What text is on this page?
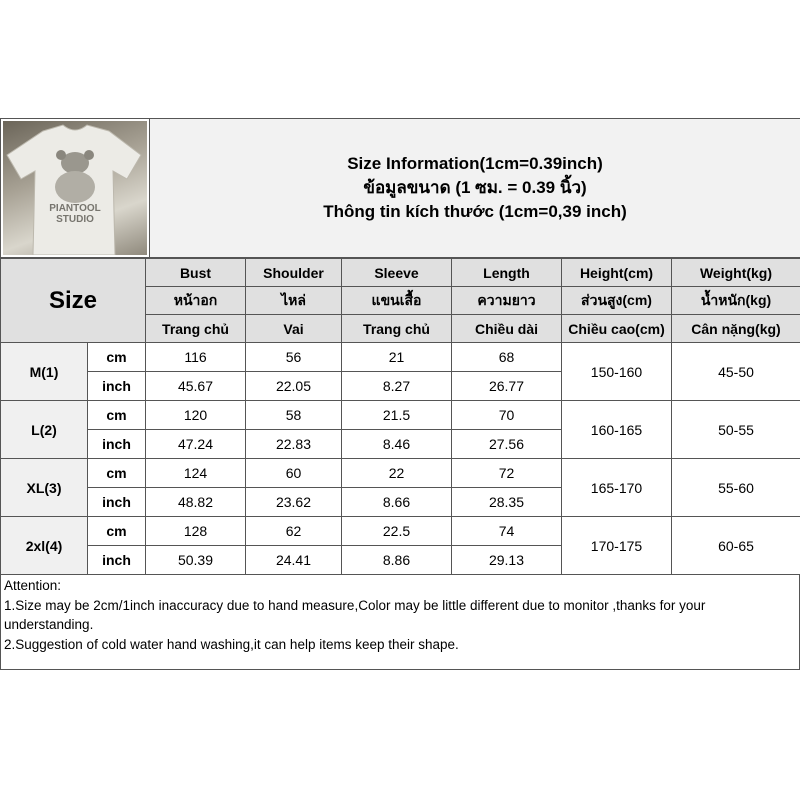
PIANTOOL
STUDIO
Size Information(1cm=0.39inch)
ข้อมูลขนาด (1 ซม. = 0.39 นิ้ว)
Thông tin kích thước (1cm=0,39 inch)
Size		Bust	Shoulder	Sleeve	Length	Height(cm)	Weight(kg)
		หน้าอก	ไหล่	แขนเสื้อ	ความยาว	ส่วนสูง(cm)	น้ำหนัก(kg)
		Trang chủ	Vai	Trang chủ	Chiều dài	Chiều cao(cm)	Cân nặng(kg)
M(1)	cm	116	56	21	68	150-160	45-50
	inch	45.67	22.05	8.27	26.77		
L(2)	cm	120	58	21.5	70	160-165	50-55
	inch	47.24	22.83	8.46	27.56		
XL(3)	cm	124	60	22	72	165-170	55-60
	inch	48.82	23.62	8.66	28.35		
2xl(4)	cm	128	62	22.5	74	170-175	60-65
	inch	50.39	24.41	8.86	29.13		
Attention:
1.Size may be 2cm/1inch inaccuracy due to hand measure,Color may be little different due to monitor ,thanks for your understanding.
2.Suggestion of cold water hand washing,it can help items keep their shape.
